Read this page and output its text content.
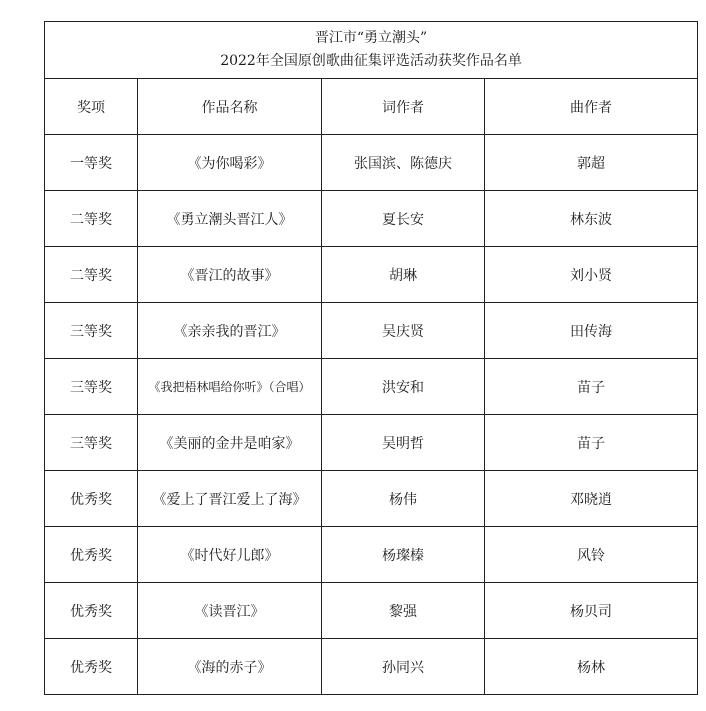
晋江市“勇立潮头”
2022年全国原创歌曲征集评选活动获奖作品名单			

奖项	作品名称	词作者	曲作者
一等奖	《为你喝彩》	张国滨、陈德庆	郭超
二等奖	《勇立潮头晋江人》	夏长安	林东波
二等奖	《晋江的故事》	胡琳	刘小贤
三等奖	《亲亲我的晋江》	吴庆贤	田传海
三等奖	《我把梧林唱给你听》（合唱）	洪安和	苗子
三等奖	《美丽的金井是咱家》	吴明哲	苗子
优秀奖	《爱上了晋江爱上了海》	杨伟	邓晓逍
优秀奖	《时代好儿郎》	杨璨榛	风铃
优秀奖	《读晋江》	黎强	杨贝司
优秀奖	《海的赤子》	孙同兴	杨林
